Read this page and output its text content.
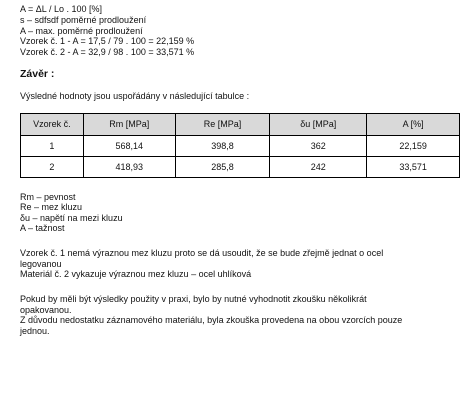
A = ΔL / Lo . 100 [%]
s – sdfsdf poměrné prodloužení
A – max. poměrné prodloužení
Vzorek č. 1 - A = 17,5 / 79 . 100 = 22,159 %
Vzorek č. 2 - A = 32,9 / 98 . 100 = 33,571 %
Závěr :
Výsledné hodnoty jsou uspořádány v následující tabulce :
Vzorek č.	Rm [MPa]	Re [MPa]	δu [MPa]	A [%]
1	568,14	398,8	362	22,159
2	418,93	285,8	242	33,571
Rm – pevnost
Re – mez kluzu
δu – napětí na mezi kluzu
A – tažnost
Vzorek č. 1 nemá výraznou mez kluzu proto se dá usoudit, že se bude zřejmě jednat o ocel
legovanou
Materiál č. 2 vykazuje výraznou mez kluzu – ocel uhlíková
Pokud by měli být výsledky použity v praxi, bylo by nutné vyhodnotit zkoušku několikrát
opakovanou.
Z důvodu nedostatku záznamového materiálu, byla zkouška provedena na obou vzorcích pouze
jednou.
